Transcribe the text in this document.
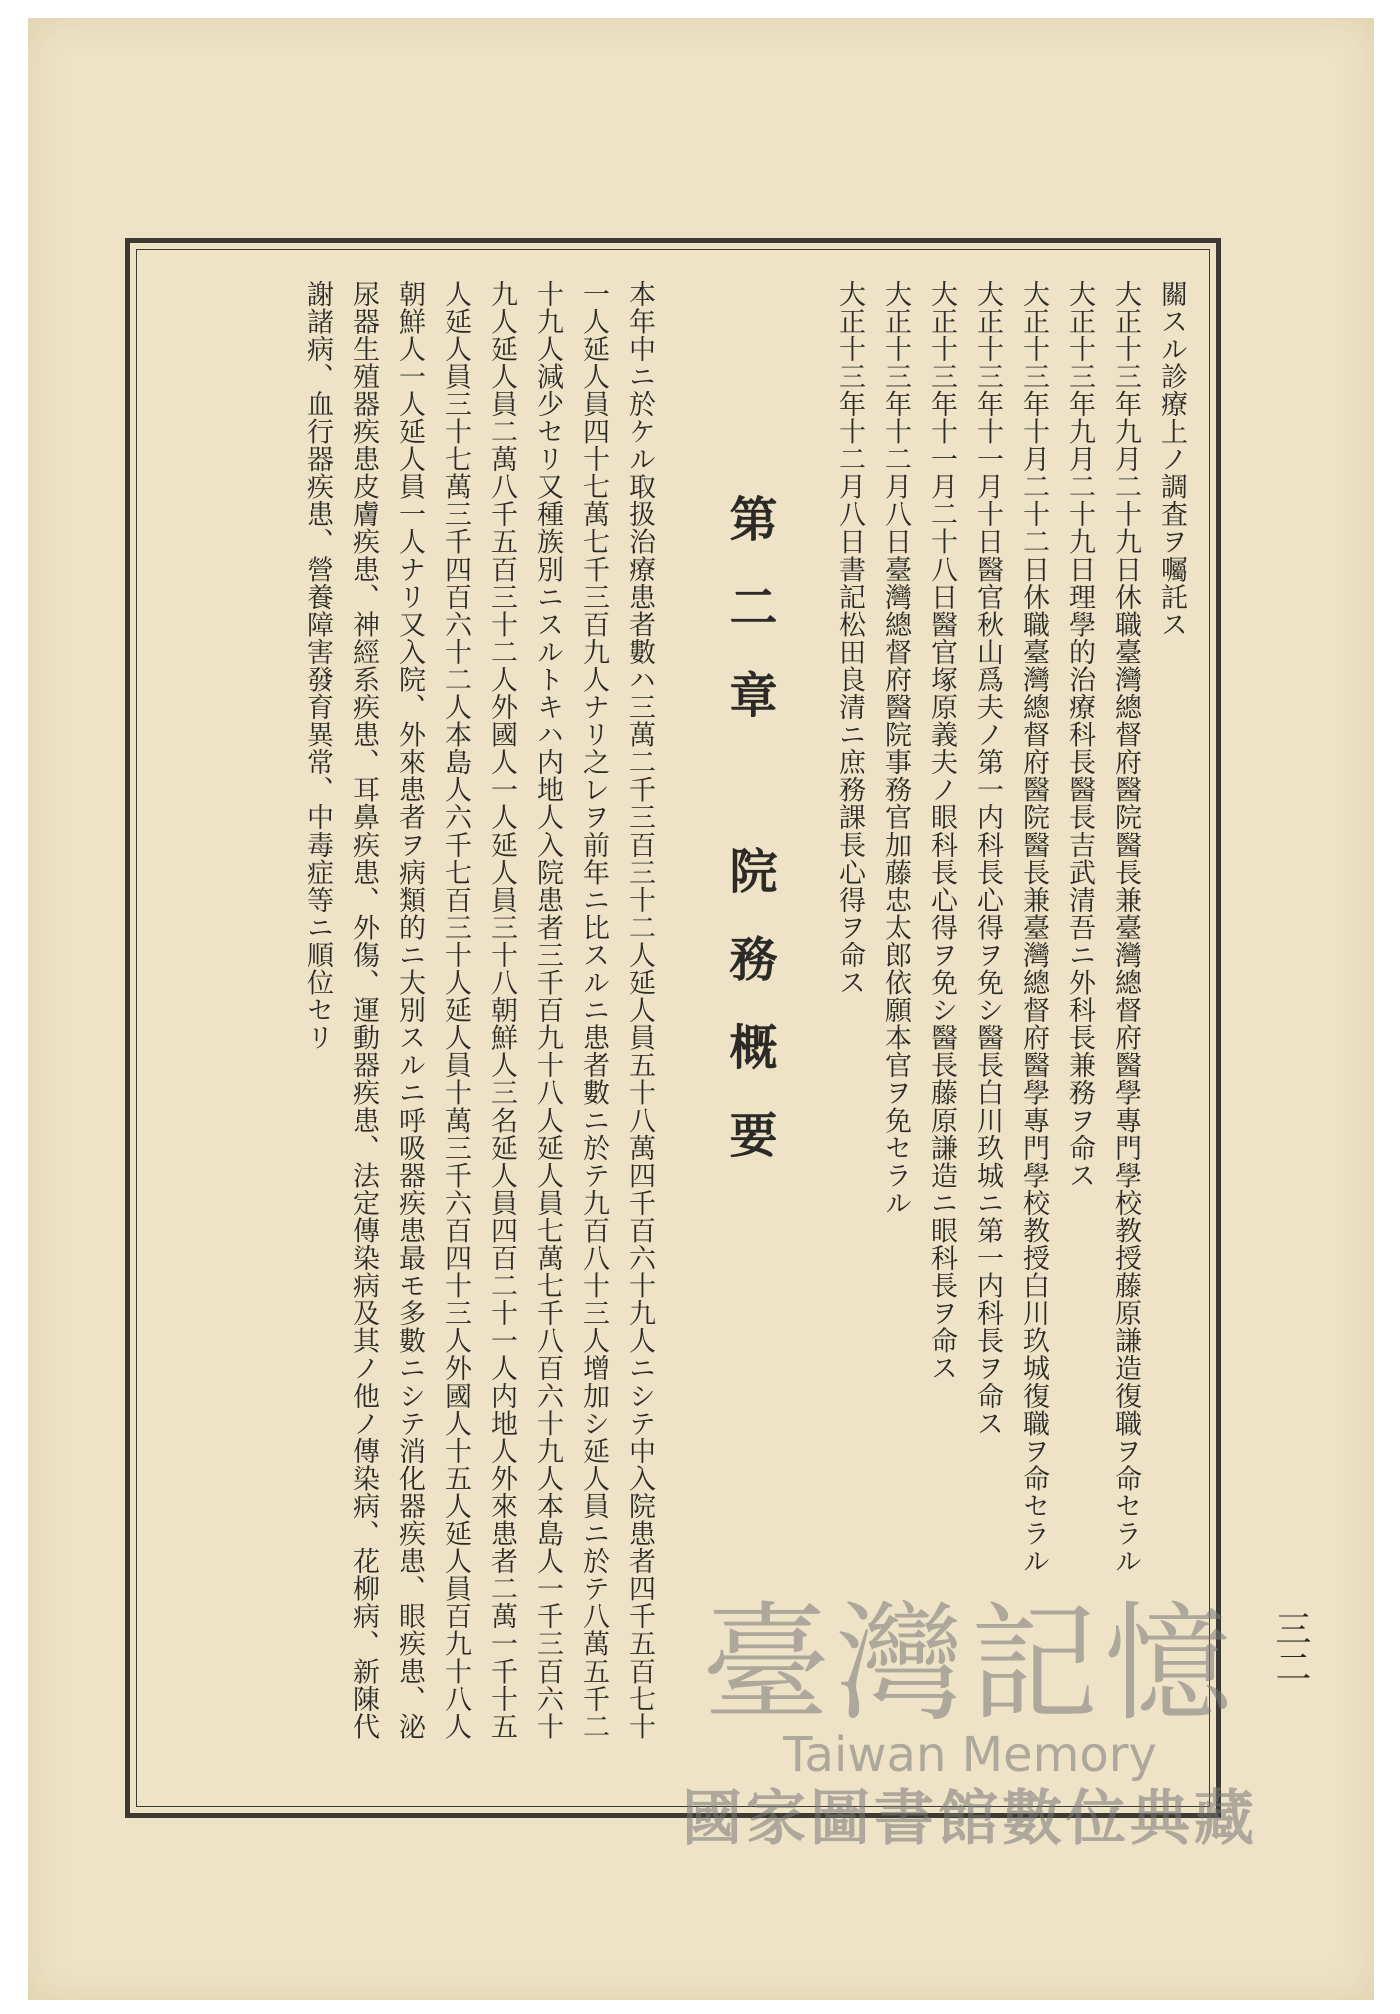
關スル診療上ノ調査ヲ囑託ス
大正十三年九月二十九日休職臺灣總督府醫院醫長兼臺灣總督府醫學專門學校教授藤原謙造復職ヲ命セラル
大正十三年九月二十九日理學的治療科長醫長吉武清吾ニ外科長兼務ヲ命ス
大正十三年十月二十二日休職臺灣總督府醫院醫長兼臺灣總督府醫學專門學校教授白川玖城復職ヲ命セラル
大正十三年十一月十日醫官秋山爲夫ノ第一内科長心得ヲ免シ醫長白川玖城ニ第一内科長ヲ命ス
大正十三年十一月二十八日醫官塚原義夫ノ眼科長心得ヲ免シ醫長藤原謙造ニ眼科長ヲ命ス
大正十三年十二月八日臺灣總督府醫院事務官加藤忠太郎依願本官ヲ免セラル
大正十三年十二月八日書記松田良清ニ庶務課長心得ヲ命ス
第二章　院務概要
本年中ニ於ケル取扱治療患者數ハ三萬二千三百三十二人延人員五十八萬四千百六十九人ニシテ中入院患者四千五百七十
一人延人員四十七萬七千三百九人ナリ之レヲ前年ニ比スルニ患者數ニ於テ九百八十三人增加シ延人員ニ於テ八萬五千二
十九人減少セリ又種族別ニスルトキハ内地人入院患者三千百九十八人延人員七萬七千八百六十九人本島人一千三百六十
九人延人員二萬八千五百三十二人外國人一人延人員三十八朝鮮人三名延人員四百二十一人内地人外來患者二萬一千十五
人延人員三十七萬三千四百六十二人本島人六千七百三十人延人員十萬三千六百四十三人外國人十五人延人員百九十八人
朝鮮人一人延人員一人ナリ又入院、外來患者ヲ病類的ニ大別スルニ呼吸器疾患最モ多數ニシテ消化器疾患、眼疾患、泌
尿器生殖器疾患皮膚疾患、神經系疾患、耳鼻疾患、外傷、運動器疾患、法定傳染病及其ノ他ノ傳染病、花柳病、新陳代
謝諸病、血行器疾患、營養障害發育異常、中毒症等ニ順位セリ
三二
臺灣記憶
Taiwan Memory
國家圖書館數位典藏
